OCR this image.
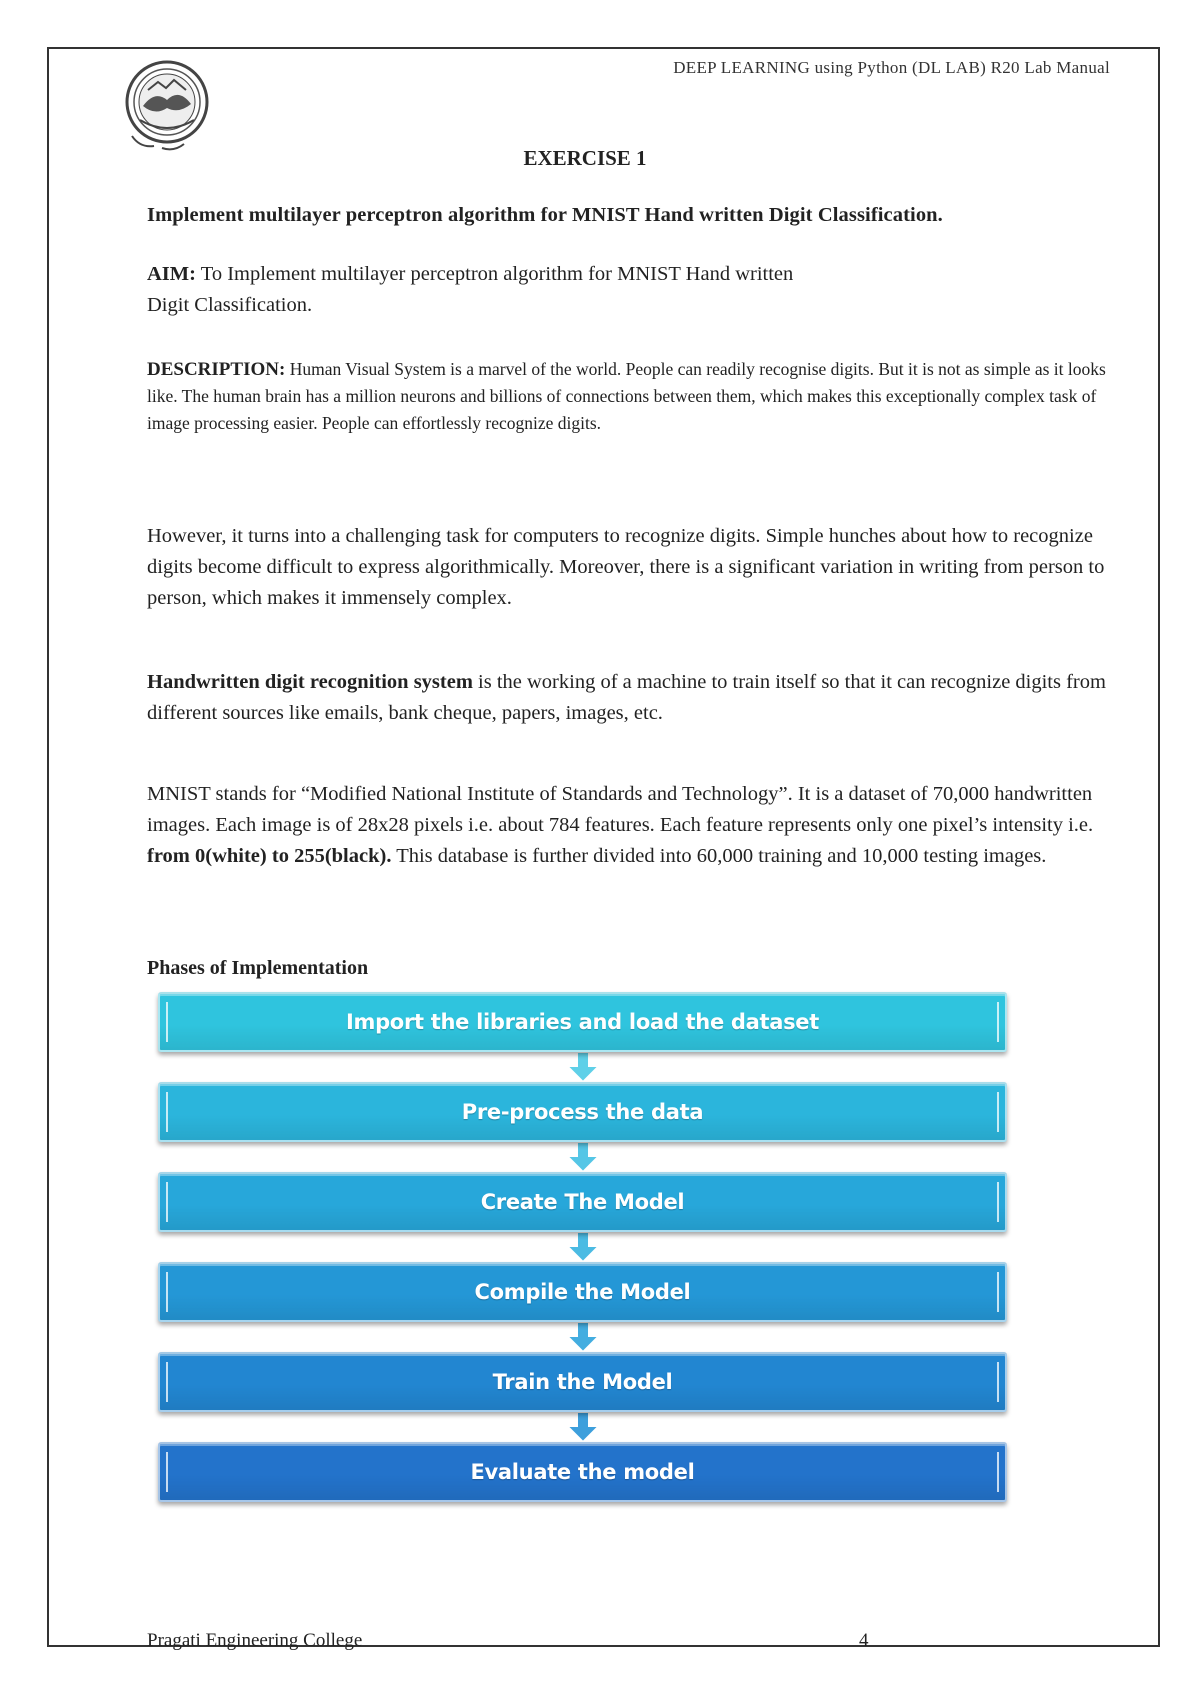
DEEP LEARNING using Python (DL LAB) R20 Lab Manual
EXERCISE 1
Implement multilayer perceptron algorithm for MNIST Hand written Digit Classification.

AIM: To Implement multilayer perceptron algorithm for MNIST Hand written
Digit Classification.

DESCRIPTION: Human Visual System is a marvel of the world. People can readily recognise digits. But it is not as simple as it looks like. The human brain has a million neurons and billions of connections between them, which makes this exceptionally complex task of image processing easier. People can effortlessly recognize digits.

However, it turns into a challenging task for computers to recognize digits. Simple hunches about how to recognize digits become difficult to express algorithmically. Moreover, there is a significant variation in writing from person to person, which makes it immensely complex.

Handwritten digit recognition system is the working of a machine to train itself so that it can recognize digits from different sources like emails, bank cheque, papers, images, etc.

MNIST stands for “Modified National Institute of Standards and Technology”. It is a dataset of 70,000 handwritten images. Each image is of 28x28 pixels i.e. about 784 features. Each feature represents only one pixel’s intensity i.e. from 0(white) to 255(black). This database is further divided into 60,000 training and 10,000 testing images.

Phases of Implementation
Import the libraries and load the dataset
Pre-process the data
Create The Model
Compile the Model
Train the Model
Evaluate the model
Pragati Engineering College	4
